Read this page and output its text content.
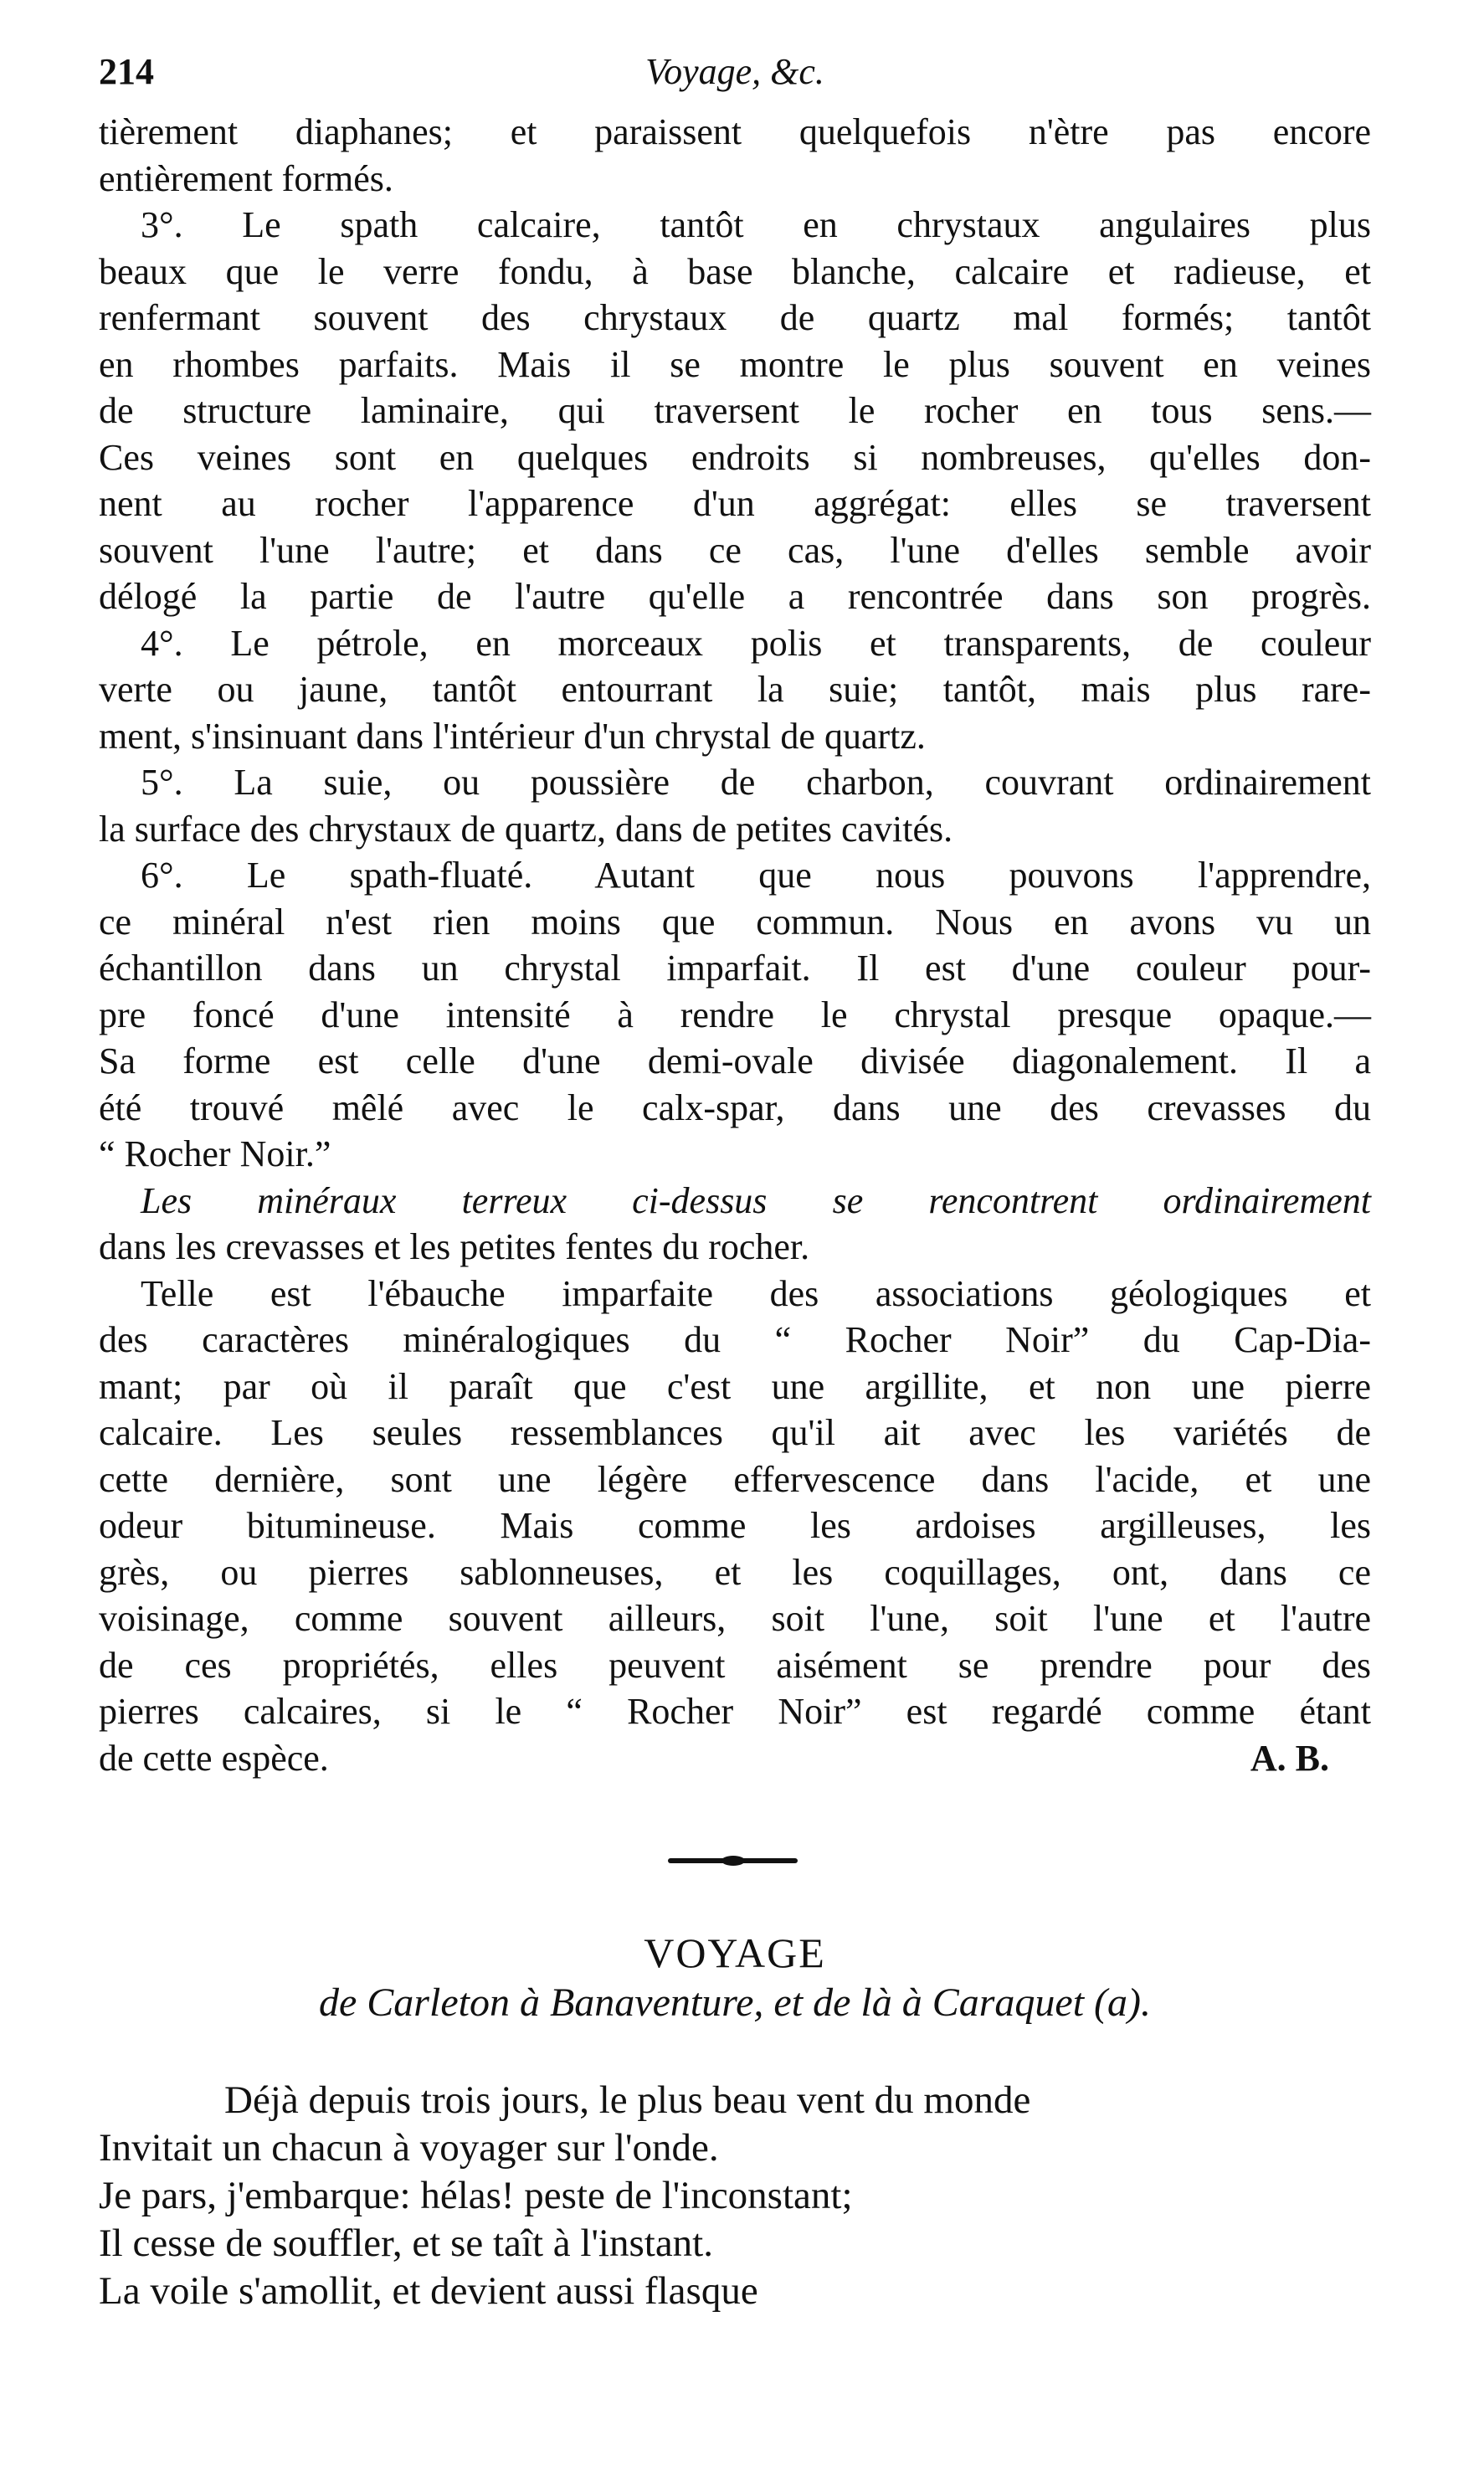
214	Voyage, &c.
tièrement diaphanes; et paraissent quelquefois n'ètre pas encore
entièrement formés.
3°. Le spath calcaire, tantôt en chrystaux angulaires plus
beaux que le verre fondu, à base blanche, calcaire et radieuse, et
renfermant souvent des chrystaux de quartz mal formés; tantôt
en rhombes parfaits. Mais il se montre le plus souvent en veines
de structure laminaire, qui traversent le rocher en tous sens.—
Ces veines sont en quelques endroits si nombreuses, qu'elles don-
nent au rocher l'apparence d'un aggrégat: elles se traversent
souvent l'une l'autre; et dans ce cas, l'une d'elles semble avoir
délogé la partie de l'autre qu'elle a rencontrée dans son progrès.
4°. Le pétrole, en morceaux polis et transparents, de couleur
verte ou jaune, tantôt entourrant la suie; tantôt, mais plus rare-
ment, s'insinuant dans l'intérieur d'un chrystal de quartz.
5°. La suie, ou poussière de charbon, couvrant ordinairement
la surface des chrystaux de quartz, dans de petites cavités.
6°. Le spath-fluaté. Autant que nous pouvons l'apprendre,
ce minéral n'est rien moins que commun. Nous en avons vu un
échantillon dans un chrystal imparfait. Il est d'une couleur pour-
pre foncé d'une intensité à rendre le chrystal presque opaque.—
Sa forme est celle d'une demi-ovale divisée diagonalement. Il a
été trouvé mêlé avec le calx-spar, dans une des crevasses du
“ Rocher Noir.”
Les minéraux terreux ci-dessus se rencontrent ordinairement
dans les crevasses et les petites fentes du rocher.
Telle est l'ébauche imparfaite des associations géologiques et
des caractères minéralogiques du “ Rocher Noir” du Cap-Dia-
mant; par où il paraît que c'est une argillite, et non une pierre
calcaire. Les seules ressemblances qu'il ait avec les variétés de
cette dernière, sont une légère effervescence dans l'acide, et une
odeur bitumineuse. Mais comme les ardoises argilleuses, les
grès, ou pierres sablonneuses, et les coquillages, ont, dans ce
voisinage, comme souvent ailleurs, soit l'une, soit l'une et l'autre
de ces propriétés, elles peuvent aisément se prendre pour des
pierres calcaires, si le “ Rocher Noir” est regardé comme étant
de cette espèce.	A. B.
VOYAGE
de Carleton à Banaventure, et de là à Caraquet (a).
Déjà depuis trois jours, le plus beau vent du monde
Invitait un chacun à voyager sur l'onde.
Je pars, j'embarque: hélas! peste de l'inconstant;
Il cesse de souffler, et se taît à l'instant.
La voile s'amollit, et devient aussi flasque
